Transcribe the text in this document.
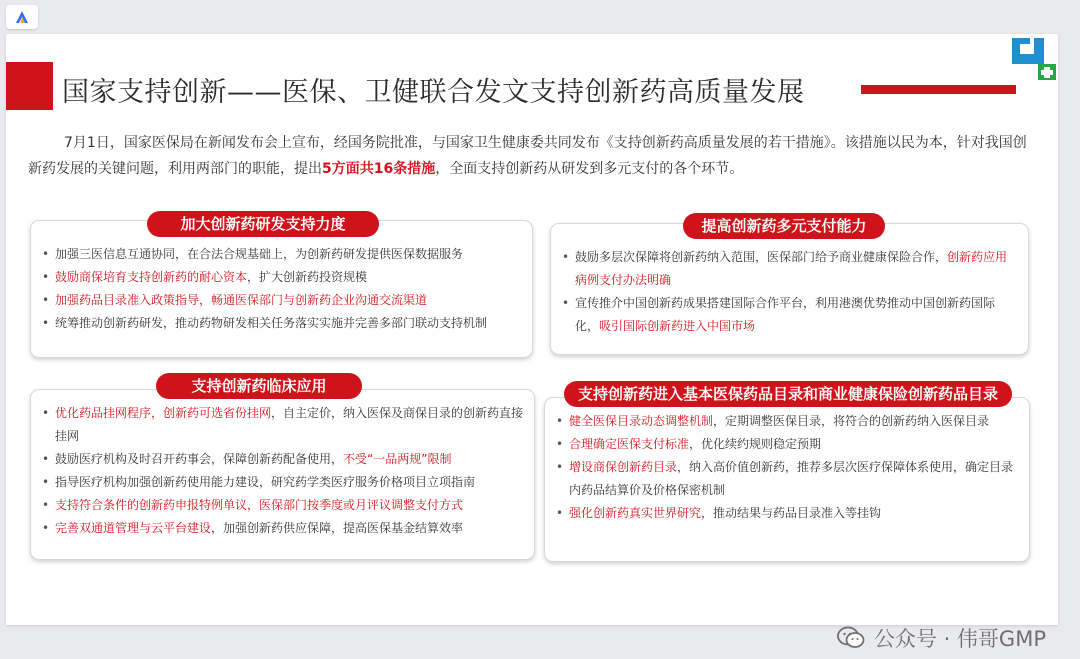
国家支持创新——医保、卫健联合发文支持创新药高质量发展

7月1日，国家医保局在新闻发布会上宣布，经国务院批准，与国家卫生健康委共同发布《支持创新药高质量发展的若干措施》。该措施以民为本，针对我国创新药发展的关键问题，利用两部门的职能，提出5方面共16条措施，全面支持创新药从研发到多元支付的各个环节。

加大创新药研发支持力度
• 加强三医信息互通协同，在合法合规基础上，为创新药研发提供医保数据服务
• 鼓励商保培育支持创新药的耐心资本，扩大创新药投资规模
• 加强药品目录准入政策指导，畅通医保部门与创新药企业沟通交流渠道
• 统筹推动创新药研发，推动药物研发相关任务落实实施并完善多部门联动支持机制
提高创新药多元支付能力
• 鼓励多层次保障将创新药纳入范围，医保部门给予商业健康保险合作，创新药应用病例支付办法明确
• 宣传推介中国创新药成果搭建国际合作平台，利用港澳优势推动中国创新药国际化，吸引国际创新药进入中国市场
支持创新药临床应用
• 优化药品挂网程序，创新药可选省份挂网，自主定价，纳入医保及商保目录的创新药直接挂网
• 鼓励医疗机构及时召开药事会，保障创新药配备使用，不受“一品两规”限制
• 指导医疗机构加强创新药使用能力建设，研究药学类医疗服务价格项目立项指南
• 支持符合条件的创新药申报特例单议，医保部门按季度或月评议调整支付方式
• 完善双通道管理与云平台建设，加强创新药供应保障，提高医保基金结算效率
支持创新药进入基本医保药品目录和商业健康保险创新药品目录
• 健全医保目录动态调整机制，定期调整医保目录，将符合的创新药纳入医保目录
• 合理确定医保支付标准，优化续约规则稳定预期
• 增设商保创新药目录，纳入高价值创新药，推荐多层次医疗保障体系使用，确定目录内药品结算价及价格保密机制
• 强化创新药真实世界研究，推动结果与药品目录准入等挂钩
公众号 · 伟哥GMP
